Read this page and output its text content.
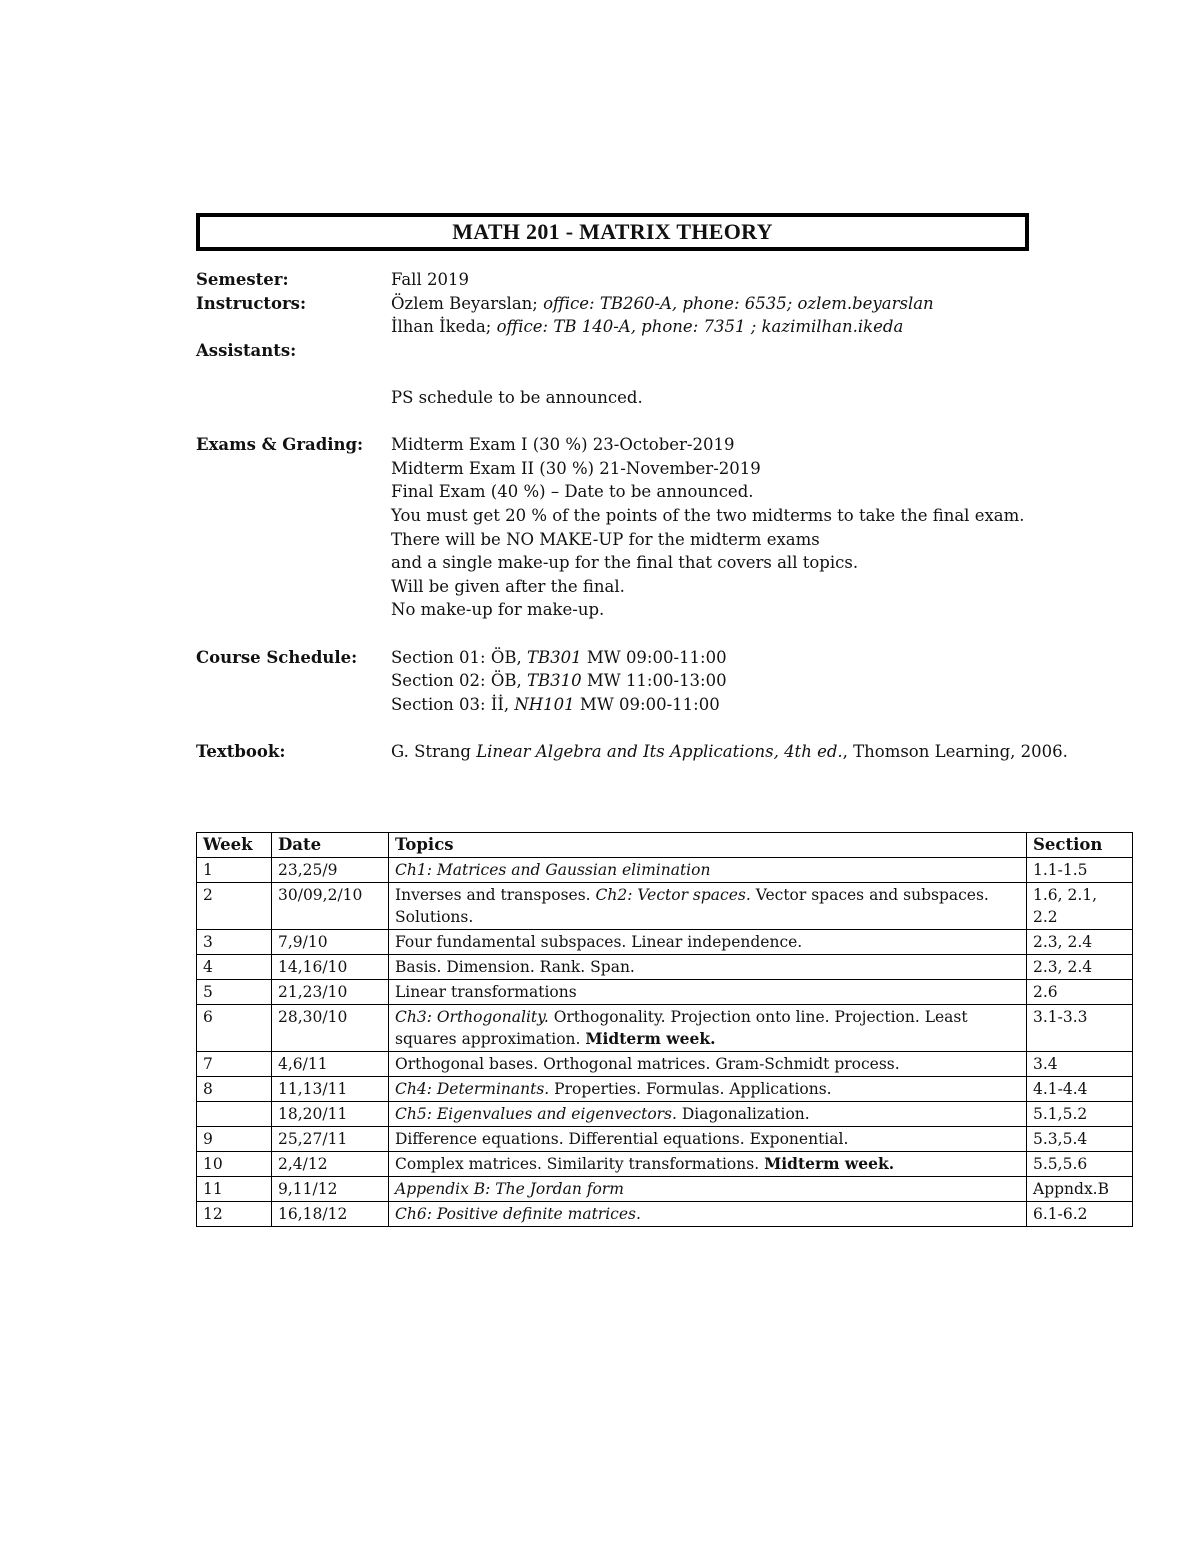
MATH 201 - MATRIX THEORY
Semester:	Fall 2019
Instructors:	Özlem Beyarslan; office: TB260-A, phone: 6535; ozlem.beyarslan
İlhan İkeda; office: TB 140-A, phone: 7351 ; kazimilhan.ikeda
Assistants:
PS schedule to be announced.
Exams & Grading: Midterm Exam I (30 %) 23-October-2019
Midterm Exam II (30 %) 21-November-2019
Final Exam (40 %) – Date to be announced.
You must get 20 % of the points of the two midterms to take the final exam.
There will be NO MAKE-UP for the midterm exams
and a single make-up for the final that covers all topics.
Will be given after the final.
No make-up for make-up.
Course Schedule: Section 01: ÖB, TB301 MW 09:00-11:00
Section 02: ÖB, TB310 MW 11:00-13:00
Section 03: İİ, NH101 MW 09:00-11:00
Textbook:	G. Strang Linear Algebra and Its Applications, 4th ed., Thomson Learning, 2006.
Week	Date	Topics	Section
1	23,25/9	Ch1: Matrices and Gaussian elimination	1.1-1.5
2	30/09,2/10	Inverses and transposes. Ch2: Vector spaces. Vector spaces and subspaces. Solutions.	1.6, 2.1, 2.2
3	7,9/10	Four fundamental subspaces. Linear independence.	2.3, 2.4
4	14,16/10	Basis. Dimension. Rank. Span.	2.3, 2.4
5	21,23/10	Linear transformations	2.6
6	28,30/10	Ch3: Orthogonality. Orthogonality. Projection onto line. Projection. Least squares approximation. Midterm week.	3.1-3.3
7	4,6/11	Orthogonal bases. Orthogonal matrices. Gram-Schmidt process.	3.4
8	11,13/11	Ch4: Determinants. Properties. Formulas. Applications.	4.1-4.4
	18,20/11	Ch5: Eigenvalues and eigenvectors. Diagonalization.	5.1,5.2
9	25,27/11	Difference equations. Differential equations. Exponential.	5.3,5.4
10	2,4/12	Complex matrices. Similarity transformations. Midterm week.	5.5,5.6
11	9,11/12	Appendix B: The Jordan form	Appndx.B
12	16,18/12	Ch6: Positive definite matrices.	6.1-6.2
